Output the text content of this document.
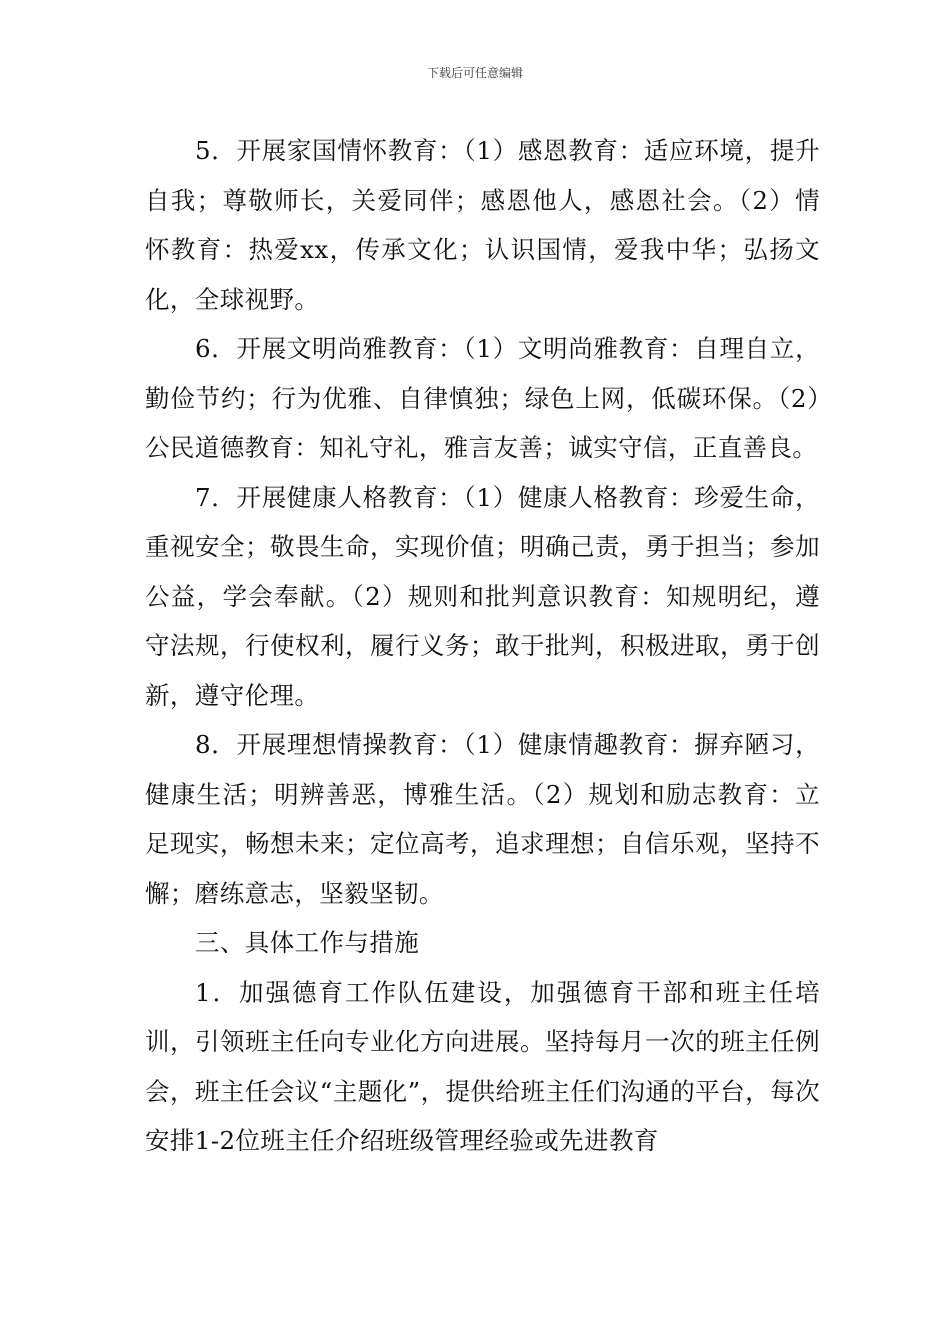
下载后可任意编辑

5．开展家国情怀教育：（1）感恩教育：适应环境，提升自我；尊敬师长，关爱同伴；感恩他人，感恩社会。（2）情怀教育：热爱xx，传承文化；认识国情，爱我中华；弘扬文化，全球视野。

6．开展文明尚雅教育：（1）文明尚雅教育：自理自立，勤俭节约；行为优雅、自律慎独；绿色上网，低碳环保。（2）公民道德教育：知礼守礼，雅言友善；诚实守信，正直善良。

7．开展健康人格教育：（1）健康人格教育：珍爱生命，重视安全；敬畏生命，实现价值；明确己责，勇于担当；参加公益，学会奉献。（2）规则和批判意识教育：知规明纪，遵守法规，行使权利，履行义务；敢于批判，积极进取，勇于创新，遵守伦理。

8．开展理想情操教育：（1）健康情趣教育：摒弃陋习，健康生活；明辨善恶，博雅生活。（2）规划和励志教育：立足现实，畅想未来；定位高考，追求理想；自信乐观，坚持不懈；磨练意志，坚毅坚韧。

三、具体工作与措施

1．加强德育工作队伍建设，加强德育干部和班主任培训，引领班主任向专业化方向进展。坚持每月一次的班主任例会，班主任会议“主题化”，提供给班主任们沟通的平台，每次安排1-2位班主任介绍班级管理经验或先进教育
